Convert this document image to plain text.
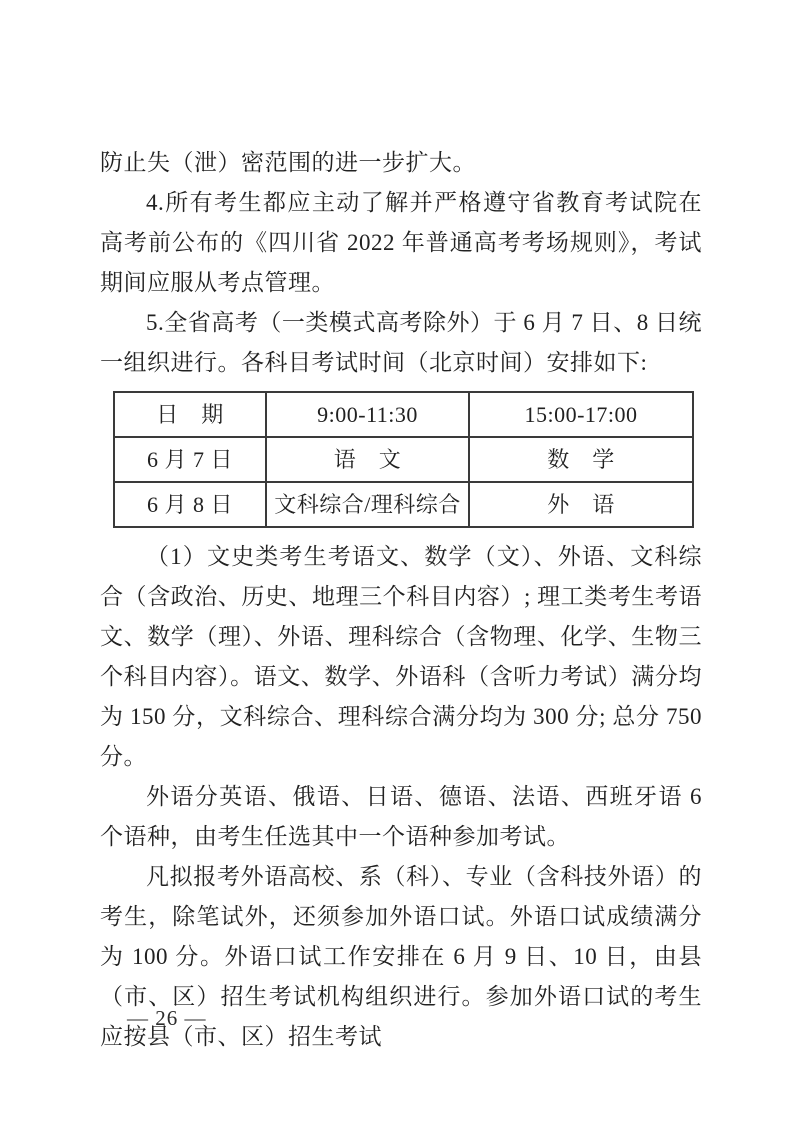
防止失（泄）密范围的进一步扩大。

4.所有考生都应主动了解并严格遵守省教育考试院在高考前公布的《四川省 2022 年普通高考考场规则》，考试期间应服从考点管理。

5.全省高考（一类模式高考除外）于 6 月 7 日、8 日统一组织进行。各科目考试时间（北京时间）安排如下:

日　期	9:00-11:30	15:00-17:00
6 月 7 日	语　文	数　学
6 月 8 日	文科综合/理科综合	外　语

（1）文史类考生考语文、数学（文）、外语、文科综合（含政治、历史、地理三个科目内容）; 理工类考生考语文、数学（理）、外语、理科综合（含物理、化学、生物三个科目内容）。语文、数学、外语科（含听力考试）满分均为 150 分，文科综合、理科综合满分均为 300 分; 总分 750 分。

外语分英语、俄语、日语、德语、法语、西班牙语 6 个语种，由考生任选其中一个语种参加考试。

凡拟报考外语高校、系（科）、专业（含科技外语）的考生，除笔试外，还须参加外语口试。外语口试成绩满分为 100 分。外语口试工作安排在 6 月 9 日、10 日，由县（市、区）招生考试机构组织进行。参加外语口试的考生应按县（市、区）招生考试

— 26 —
